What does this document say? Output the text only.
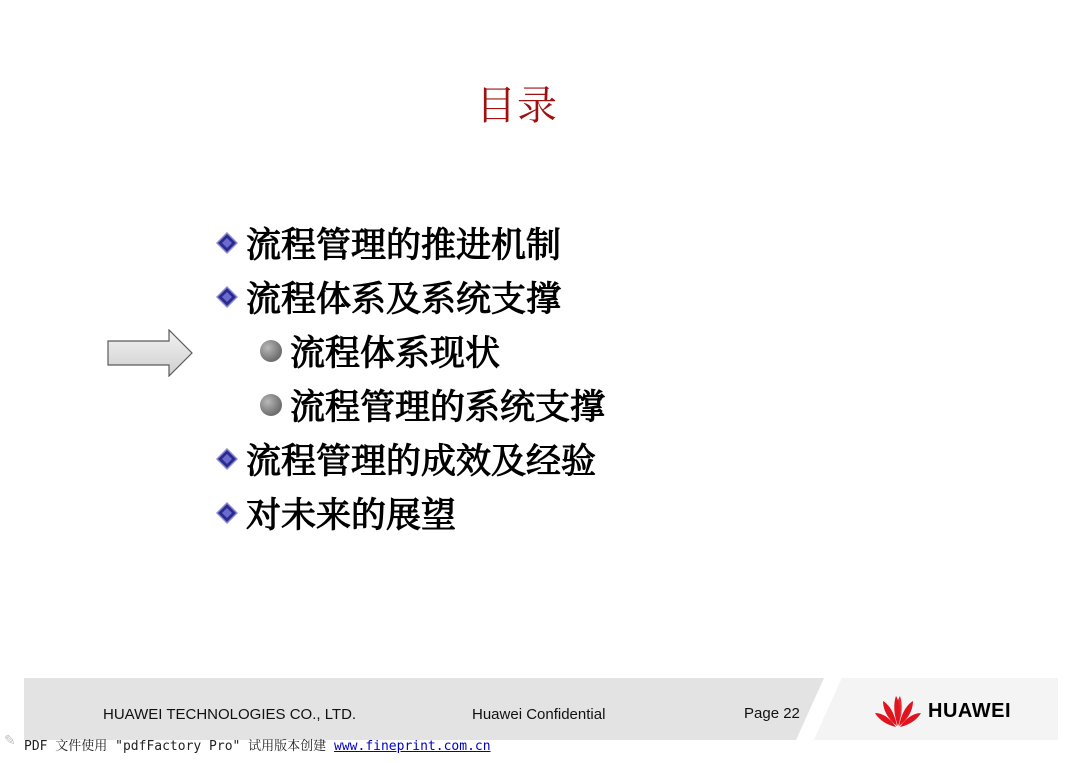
目录
流程管理的推进机制
流程体系及系统支撑
流程体系现状
流程管理的系统支撑
流程管理的成效及经验
对未来的展望
HUAWEI TECHNOLOGIES CO., LTD.	Huawei Confidential	Page 22	HUAWEI
✎ PDF 文件使用 "pdfFactory Pro" 试用版本创建 www.fineprint.com.cn
